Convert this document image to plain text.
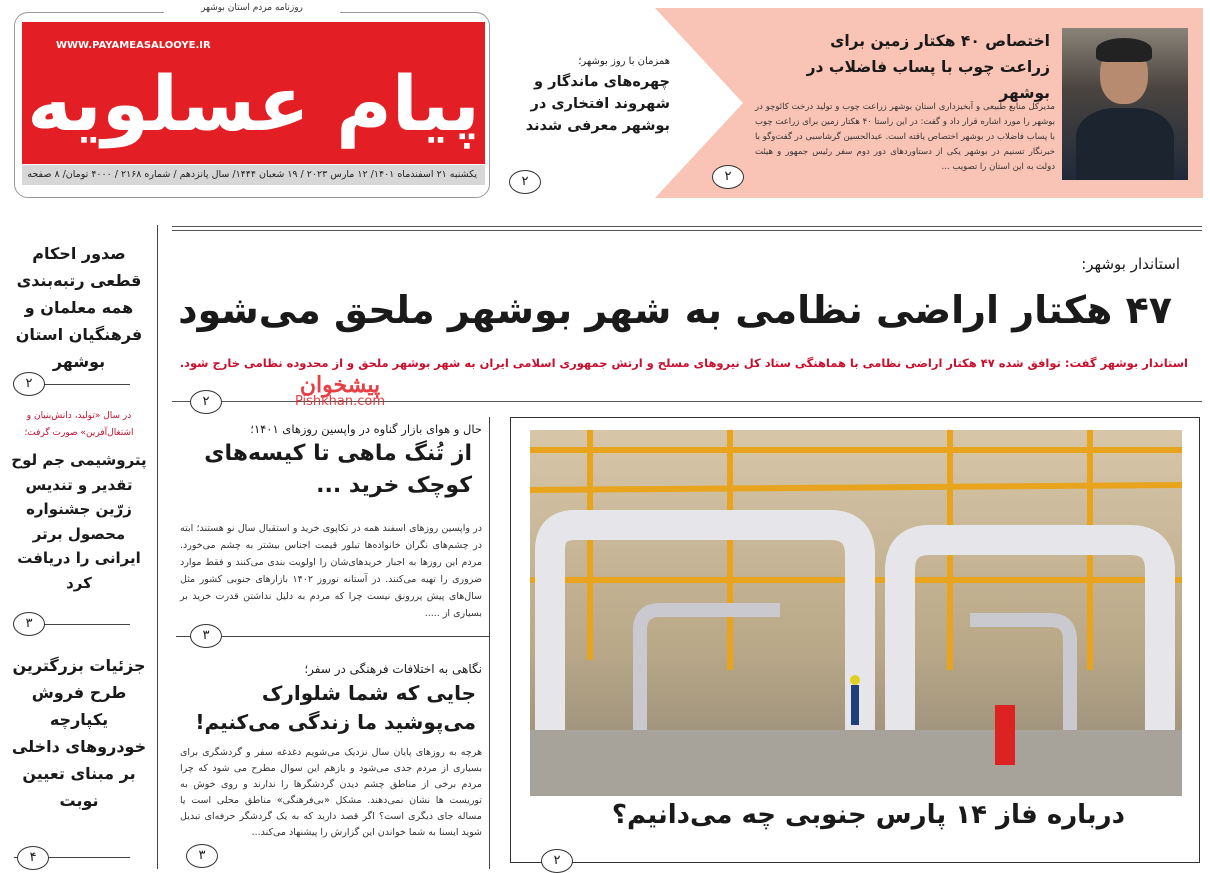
روزنامه مردم استان بوشهر
WWW.PAYAMEASALOOYE.IR
پیام عسلویه
یکشنبه ۲۱ اسفندماه ۱۴۰۱/ ۱۲ مارس ۲۰۲۳ / ۱۹ شعبان ۱۴۴۴/ سال پانزدهم / شماره ۲۱۶۸ / ۴۰۰۰ تومان/ ۸ صفحه
همزمان با روز بوشهر؛
چهره‌های ماندگار و شهروند افتخاری در بوشهر معرفی شدند
۲
اختصاص ۴۰ هکتار زمین برای زراعت چوب با پساب فاضلاب در بوشهر

مدیرکل منابع طبیعی و آبخیزداری استان بوشهر زراعت چوب و تولید درخت کائوچو در بوشهر را مورد اشاره قرار داد و گفت: در این راستا ۴۰ هکتار زمین برای زراعت چوب با پساب فاضلاب در بوشهر اختصاص یافته است. عبدالحسین گرشاسبی در گفت‌وگو با خبرنگار تسنیم در بوشهر یکی از دستاوردهای دور دوم سفر رئیس جمهور و هیئت دولت به این استان را تصویب ...

۲
صدور احکام قطعی رتبه‌بندی همه معلمان و فرهنگیان استان بوشهر
۲
در سال «تولید، دانش‌بنیان و اشتغال‌آفرین» صورت گرفت؛
پتروشیمی جم لوح تقدیر و تندیس زرّین جشنواره محصول برتر ایرانی را دریافت کرد
۳
جزئیات بزرگترین طرح فروش یکپارچه خودروهای داخلی بر مبنای تعیین نوبت
۴
استاندار بوشهر:
۴۷ هکتار اراضی نظامی به شهر بوشهر ملحق می‌شود
استاندار بوشهر گفت: توافق شده ۴۷ هکتار اراضی نظامی با هماهنگی ستاد کل نیروهای مسلح و ارتش جمهوری اسلامی ایران به شهر بوشهر ملحق و از محدوده نظامی خارج شود.
۲
پیشخوان
Pishkhan.com
حال و هوای بازار گناوه در واپسین روزهای ۱۴۰۱؛
از تُنگ ماهی تا کیسه‌های کوچک خرید ...

در واپسین روزهای اسفند همه در تکاپوی خرید و استقبال سال نو هستند؛ ابته در چشم‌های نگران خانواده‌ها تبلور قیمت اجناس بیشتر به چشم می‌خورد. مردم این روزها به اجبار خریدهای‌شان را اولویت بندی می‌کنند و فقط موارد ضروری را تهیه می‌کنند. در آستانه نوروز ۱۴۰۲ بازارهای جنوبی کشور مثل سال‌های پیش پررونق نیست چرا که مردم به دلیل نداشتن قدرت خرید بر بسیاری از .....

۳
نگاهی به اختلافات فرهنگی در سفر؛
جایی که شما شلوارک می‌پوشید ما زندگی می‌کنیم!

هرچه به روزهای پایان سال نزدیک می‌شویم دغدغه سفر و گردشگری برای بسیاری از مردم جدی می‌شود و بازهم این سوال مطرح می شود که چرا مردم برخی از مناطق چشم دیدن گردشگرها را ندارند و روی خوش به توریست ها نشان نمی‌دهند. مشکل «بی‌فرهنگی» مناطق محلی است یا مساله جای دیگری است؟ اگر قصد دارید که به یک گردشگر حرفه‌ای تبدیل شوید ایسنا به شما خواندن این گزارش را پیشنهاد می‌کند...

۳
درباره فاز ۱۴ پارس جنوبی چه می‌دانیم؟
۲
